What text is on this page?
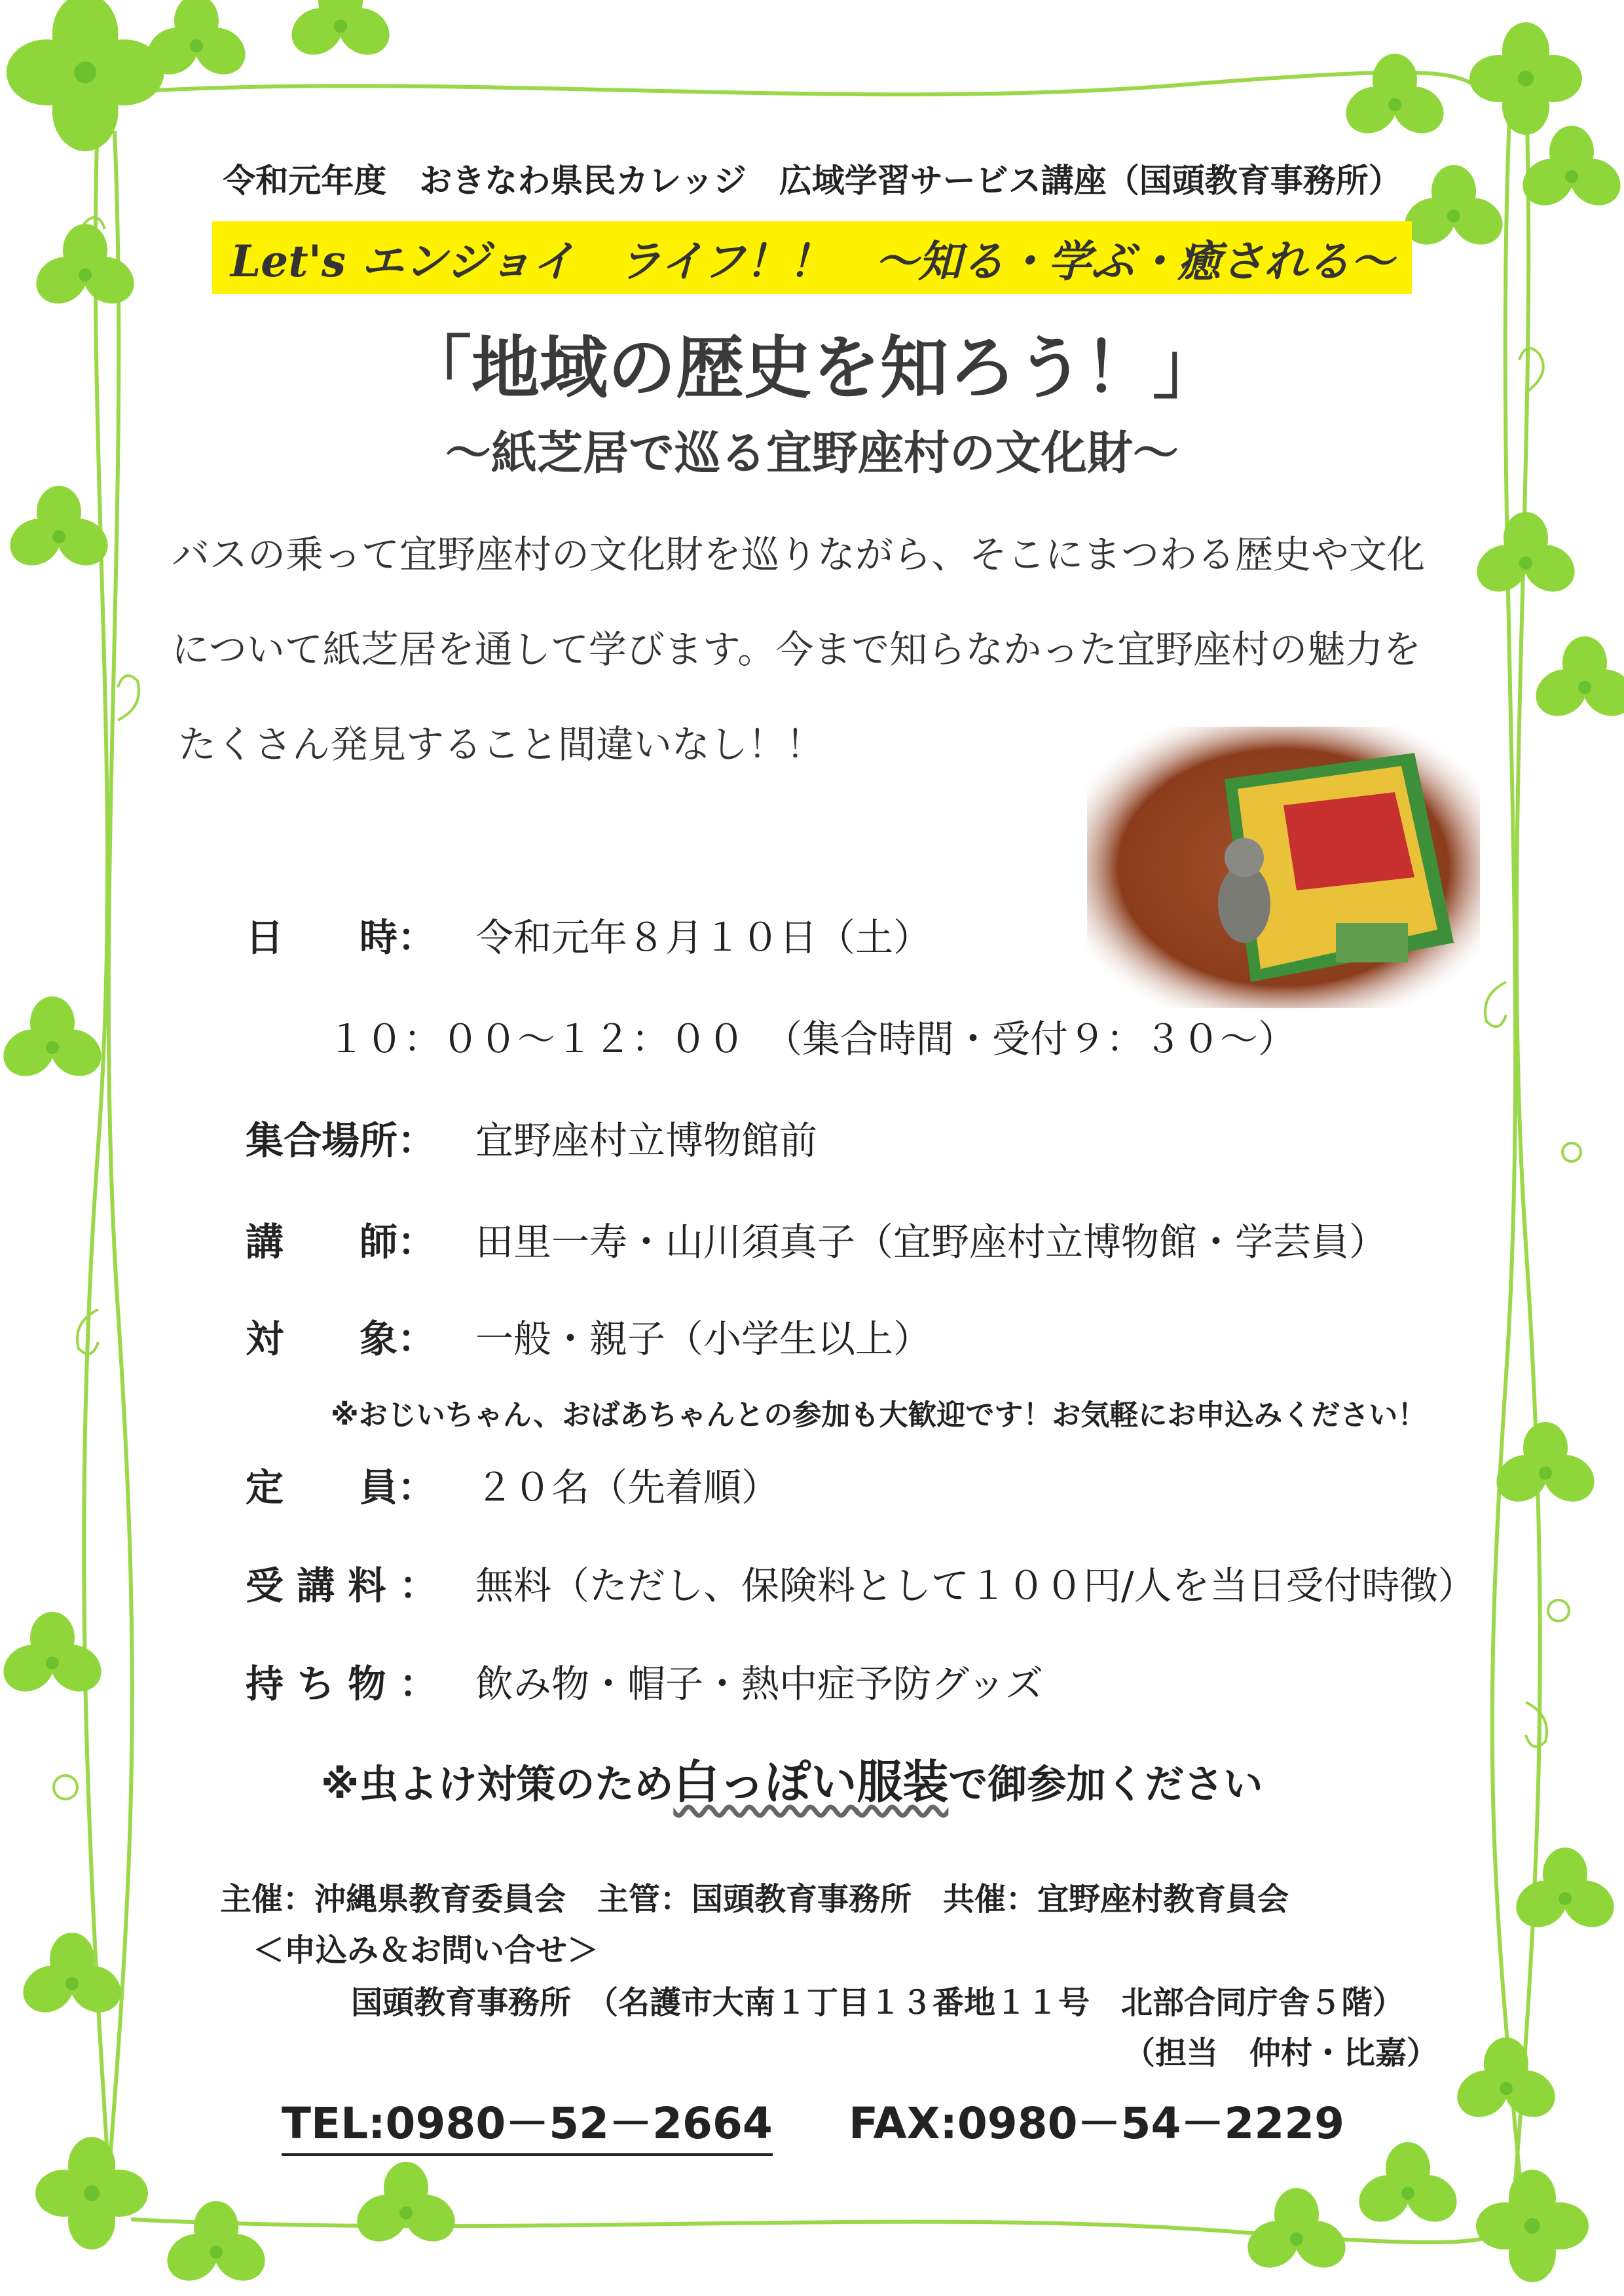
令和元年度　おきなわ県民カレッジ　広域学習サービス講座（国頭教育事務所）
Let's エンジョイ　ライフ！！　～知る・学ぶ・癒される～
「地域の歴史を知ろう！」
～紙芝居で巡る宜野座村の文化財～
バスの乗って宜野座村の文化財を巡りながら、そこにまつわる歴史や文化
について紙芝居を通して学びます。今まで知らなかった宜野座村の魅力を
たくさん発見すること間違いなし！！
日　　時： 令和元年８月１０日（土）
１０：００～１２：００　（集合時間・受付９：３０～）
集合場所： 宜野座村立博物館前
講　　師： 田里一寿・山川須真子（宜野座村立博物館・学芸員）
対　　象： 一般・親子（小学生以上）
※おじいちゃん、おばあちゃんとの参加も大歓迎です！お気軽にお申込みください！
定　　員： ２０名（先着順）
受 講 料 ： 無料（ただし、保険料として１００円/人を当日受付時徴）
持 ち 物 ： 飲み物・帽子・熱中症予防グッズ
※虫よけ対策のため白っぽい服装で御参加ください
主催：沖縄県教育委員会　主管：国頭教育事務所　共催：宜野座村教育員会
＜申込み＆お問い合せ＞
国頭教育事務所　（名護市大南１丁目１３番地１１号　北部合同庁舎５階）
（担当　仲村・比嘉）
TEL:0980－52－2664 FAX:0980－54－2229
